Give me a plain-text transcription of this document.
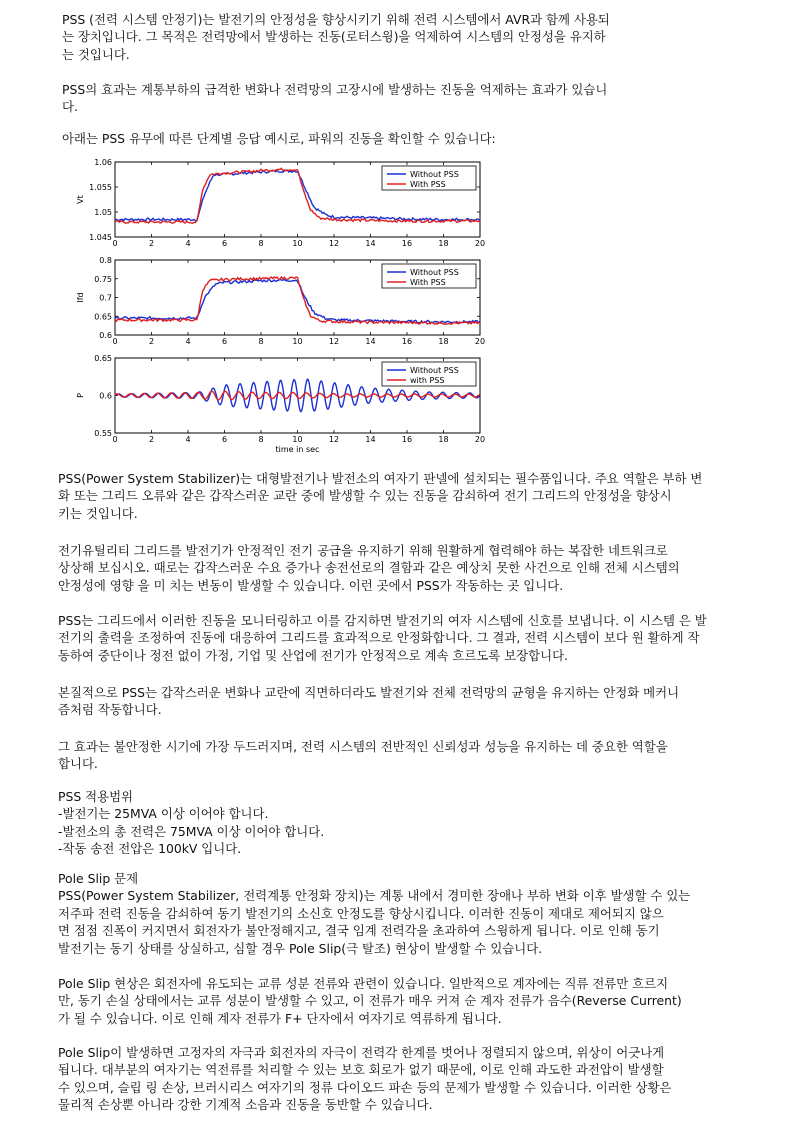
PSS (전력 시스템 안정기)는 발전기의 안정성을 향상시키기 위해 전력 시스템에서 AVR과 함께 사용되
는 장치입니다. 그 목적은 전력망에서 발생하는 진동(로터스윙)을 억제하여 시스템의 안정성을 유지하
는 것입니다.
PSS의 효과는 계통부하의 급격한 변화나 전력망의 고장시에 발생하는 진동을 억제하는 효과가 있습니
다.
아래는 PSS 유무에 따른 단계별 응답 예시로, 파워의 진동을 확인할 수 있습니다:
0	2	4	6	8	10	12	14	16	18	20
1.06
1.055
1.05
1.045
Vt
Without PSS
With PSS
0	2	4	6	8	10	12	14	16	18	20
0.8
0.75
0.7
0.65
0.6
Ifd
Without PSS
With PSS
0	2	4	6	8	10	12	14	16	18	20
0.65
0.6
0.55
P
time in sec
Without PSS
with PSS
PSS(Power System Stabilizer)는 대형발전기나 발전소의 여자기 판넬에 설치되는 필수품입니다. 주요 역할은 부하 변
화 또는 그리드 오류와 같은 갑작스러운 교란 중에 발생할 수 있는 진동을 감쇠하여 전기 그리드의 안정성을 향상시
키는 것입니다.
전기유틸리티 그리드를 발전기가 안정적인 전기 공급을 유지하기 위해 원활하게 협력해야 하는 복잡한 네트워크로
상상해 보십시오. 때로는 갑작스러운 수요 증가나 송전선로의 결함과 같은 예상치 못한 사건으로 인해 전체 시스템의
안정성에 영향 을 미 치는 변동이 발생할 수 있습니다. 이런 곳에서 PSS가 작동하는 곳 입니다.
PSS는 그리드에서 이러한 진동을 모니터링하고 이를 감지하면 발전기의 여자 시스템에 신호를 보냅니다. 이 시스템 은 발
전기의 출력을 조정하여 진동에 대응하여 그리드를 효과적으로 안정화합니다. 그 결과, 전력 시스템이 보다 원 활하게 작
동하여 중단이나 정전 없이 가정, 기업 및 산업에 전기가 안정적으로 계속 흐르도록 보장합니다.
본질적으로 PSS는 갑작스러운 변화나 교란에 직면하더라도 발전기와 전체 전력망의 균형을 유지하는 안정화 메커니
즘처럼 작동합니다.
그 효과는 불안정한 시기에 가장 두드러지며, 전력 시스템의 전반적인 신뢰성과 성능을 유지하는 데 중요한 역할을
합니다.
PSS 적용범위
-발전기는 25MVA 이상 이어야 합니다.
-발전소의 총 전력은 75MVA 이상 이어야 합니다.
-작동 송전 전압은 100kV 입니다.
Pole Slip 문제
PSS(Power System Stabilizer, 전력계통 안정화 장치)는 계통 내에서 경미한 장애나 부하 변화 이후 발생할 수 있는
저주파 전력 진동을 감쇠하여 동기 발전기의 소신호 안정도를 향상시킵니다. 이러한 진동이 제대로 제어되지 않으
면 점점 진폭이 커지면서 회전자가 불안정해지고, 결국 임계 전력각을 초과하여 스윙하게 됩니다. 이로 인해 동기
발전기는 동기 상태를 상실하고, 심할 경우 Pole Slip(극 탈조) 현상이 발생할 수 있습니다.
Pole Slip 현상은 회전자에 유도되는 교류 성분 전류와 관련이 있습니다. 일반적으로 계자에는 직류 전류만 흐르지
만, 동기 손실 상태에서는 교류 성분이 발생할 수 있고, 이 전류가 매우 커져 순 계자 전류가 음수(Reverse Current)
가 될 수 있습니다. 이로 인해 계자 전류가 F+ 단자에서 여자기로 역류하게 됩니다.
Pole Slip이 발생하면 고정자의 자극과 회전자의 자극이 전력각 한계를 벗어나 정렬되지 않으며, 위상이 어긋나게
됩니다. 대부분의 여자기는 역전류를 처리할 수 있는 보호 회로가 없기 때문에, 이로 인해 과도한 과전압이 발생할
수 있으며, 슬립 링 손상, 브러시리스 여자기의 정류 다이오드 파손 등의 문제가 발생할 수 있습니다. 이러한 상황은
물리적 손상뿐 아니라 강한 기계적 소음과 진동을 동반할 수 있습니다.
